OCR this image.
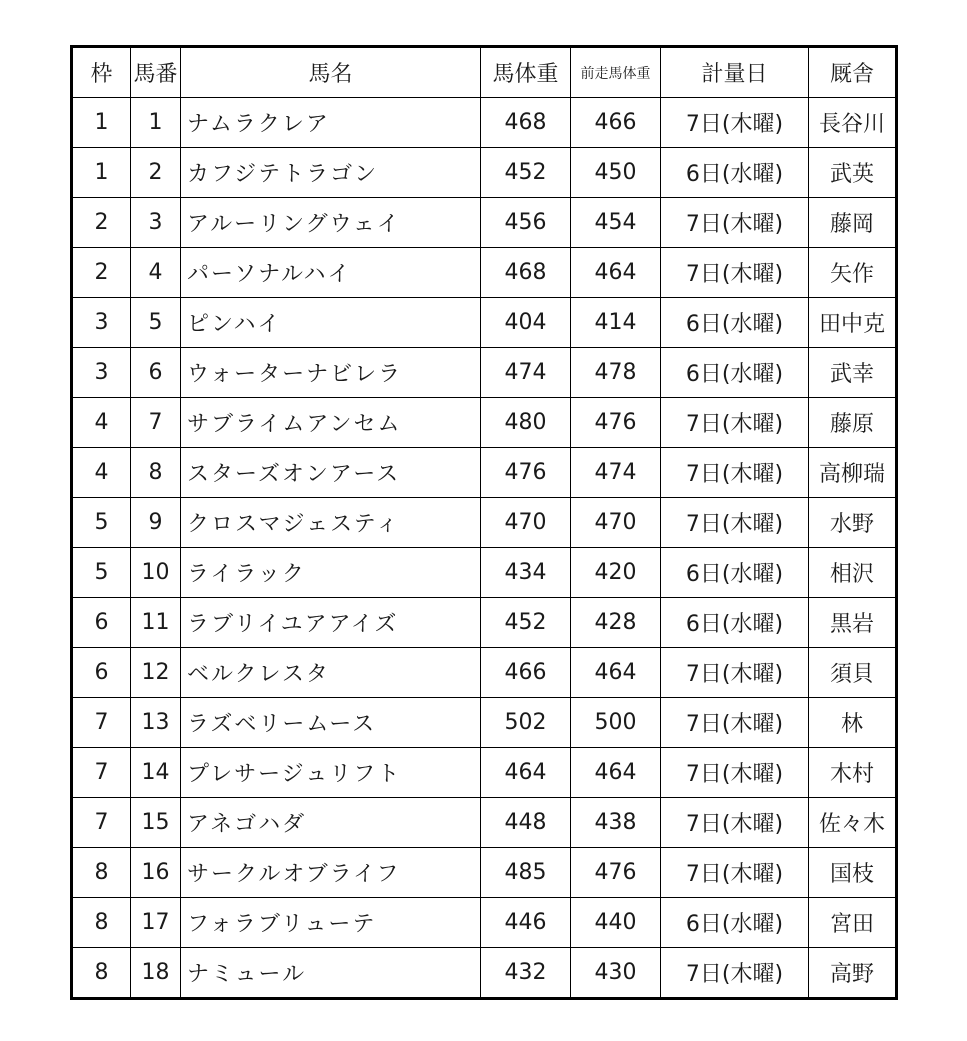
枠	馬番	馬名	馬体重	前走馬体重	計量日	厩舎
1	1	ナムラクレア	468	466	7日(木曜)	長谷川
1	2	カフジテトラゴン	452	450	6日(水曜)	武英
2	3	アルーリングウェイ	456	454	7日(木曜)	藤岡
2	4	パーソナルハイ	468	464	7日(木曜)	矢作
3	5	ピンハイ	404	414	6日(水曜)	田中克
3	6	ウォーターナビレラ	474	478	6日(水曜)	武幸
4	7	サブライムアンセム	480	476	7日(木曜)	藤原
4	8	スターズオンアース	476	474	7日(木曜)	高柳瑞
5	9	クロスマジェスティ	470	470	7日(木曜)	水野
5	10	ライラック	434	420	6日(水曜)	相沢
6	11	ラブリイユアアイズ	452	428	6日(水曜)	黒岩
6	12	ベルクレスタ	466	464	7日(木曜)	須貝
7	13	ラズベリームース	502	500	7日(木曜)	林
7	14	プレサージュリフト	464	464	7日(木曜)	木村
7	15	アネゴハダ	448	438	7日(木曜)	佐々木
8	16	サークルオブライフ	485	476	7日(木曜)	国枝
8	17	フォラブリューテ	446	440	6日(水曜)	宮田
8	18	ナミュール	432	430	7日(木曜)	高野
